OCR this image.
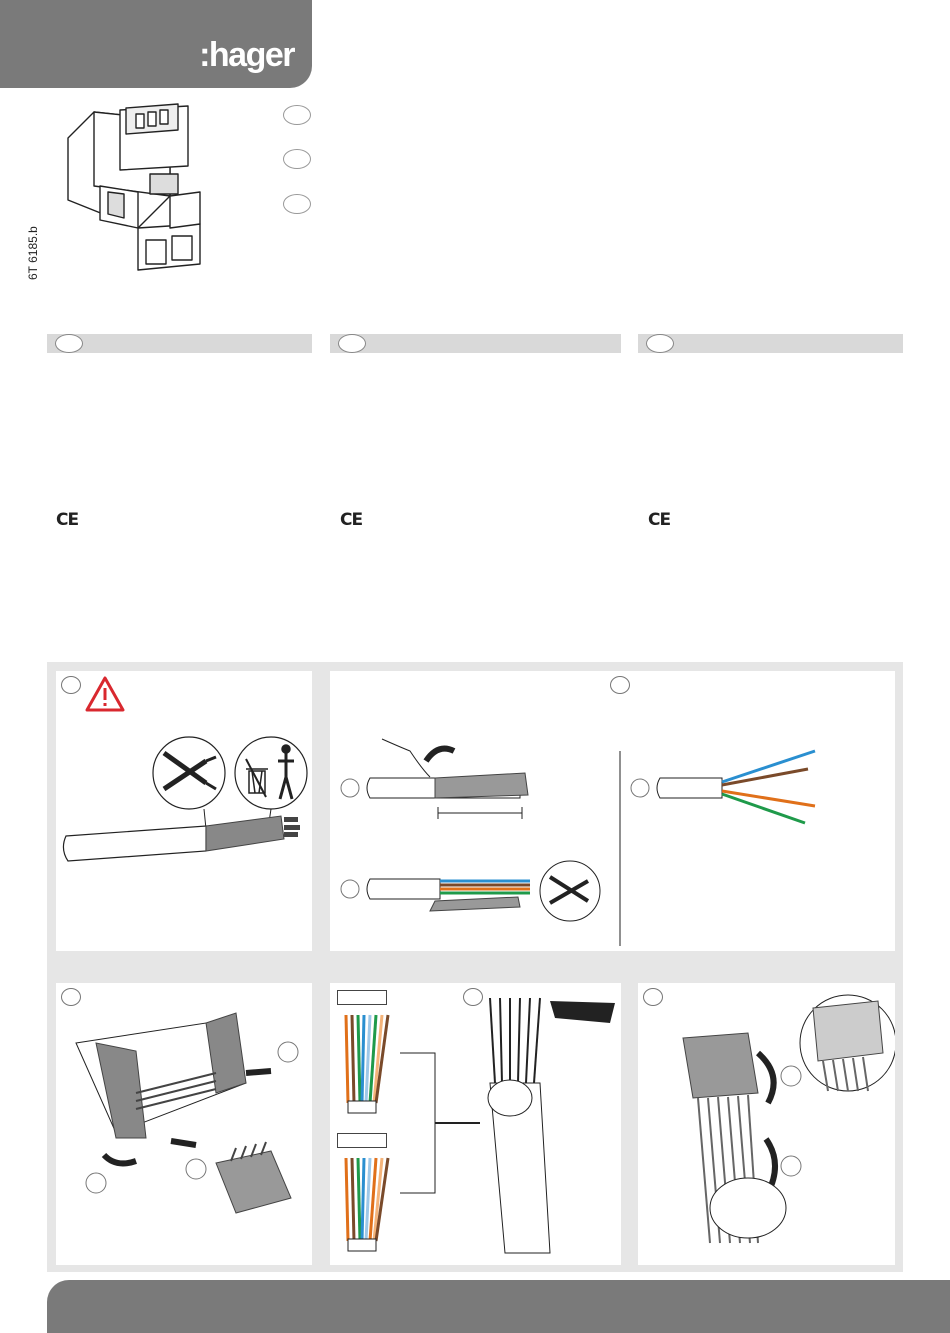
:hager
6T 6185.b
CE	CE	CE
